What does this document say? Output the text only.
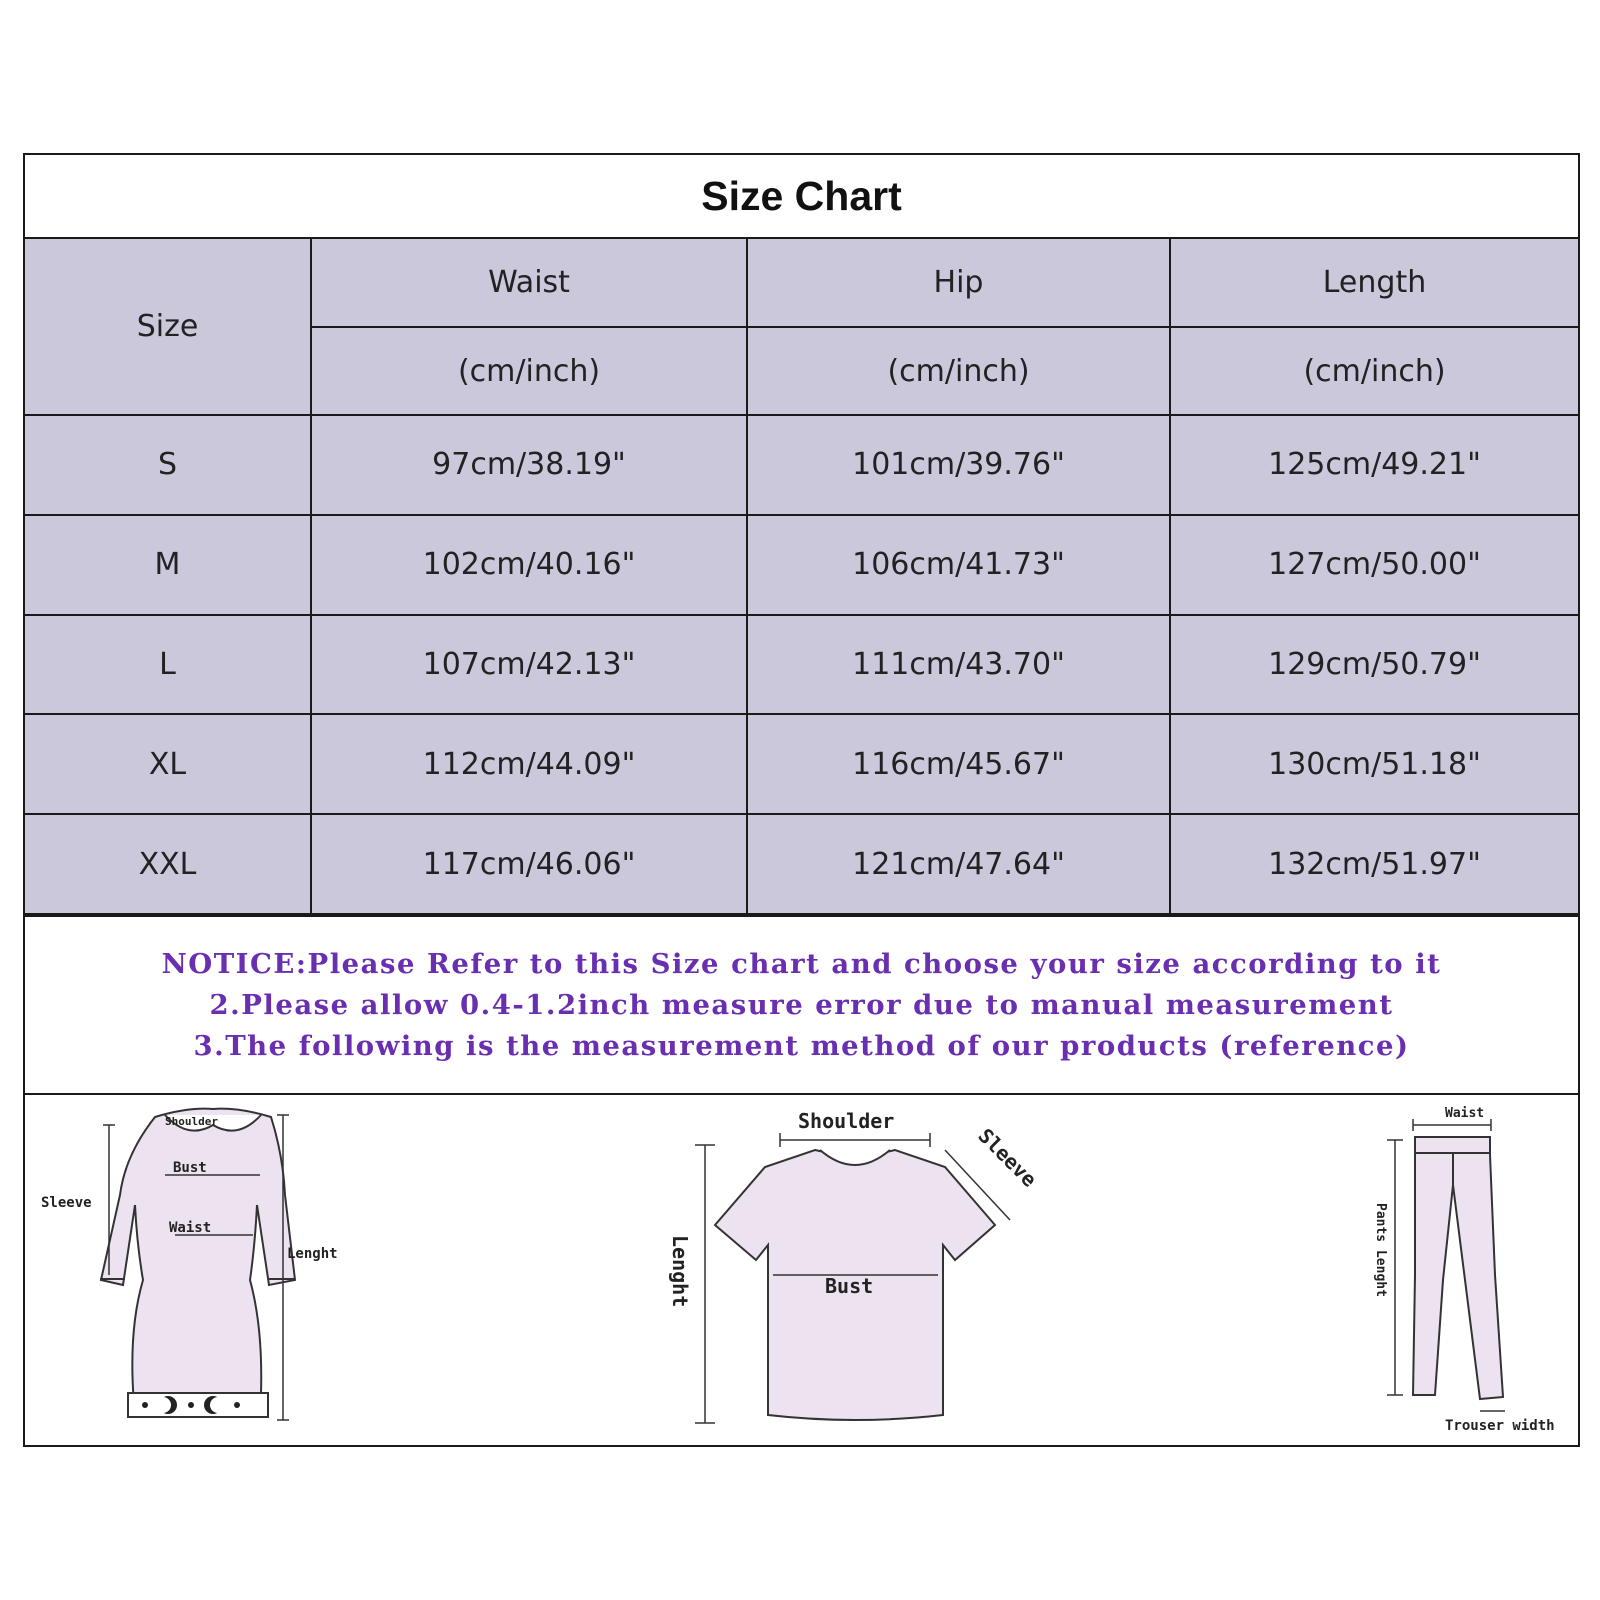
Size Chart
Size	Waist	Hip	Length
	(cm/inch)	(cm/inch)	(cm/inch)
S	97cm/38.19"	101cm/39.76"	125cm/49.21"
M	102cm/40.16"	106cm/41.73"	127cm/50.00"
L	107cm/42.13"	111cm/43.70"	129cm/50.79"
XL	112cm/44.09"	116cm/45.67"	130cm/51.18"
XXL	117cm/46.06"	121cm/47.64"	132cm/51.97"
NOTICE:Please Refer to this Size chart and choose your size according to it
2.Please allow 0.4-1.2inch measure error due to manual measurement
3.The following is the measurement method of our products (reference)
Shoulder
Bust
Waist
Sleeve
Lenght
Shoulder
Bust
Sleeve
Lenght
Waist
Pants Lenght
Trouser width
